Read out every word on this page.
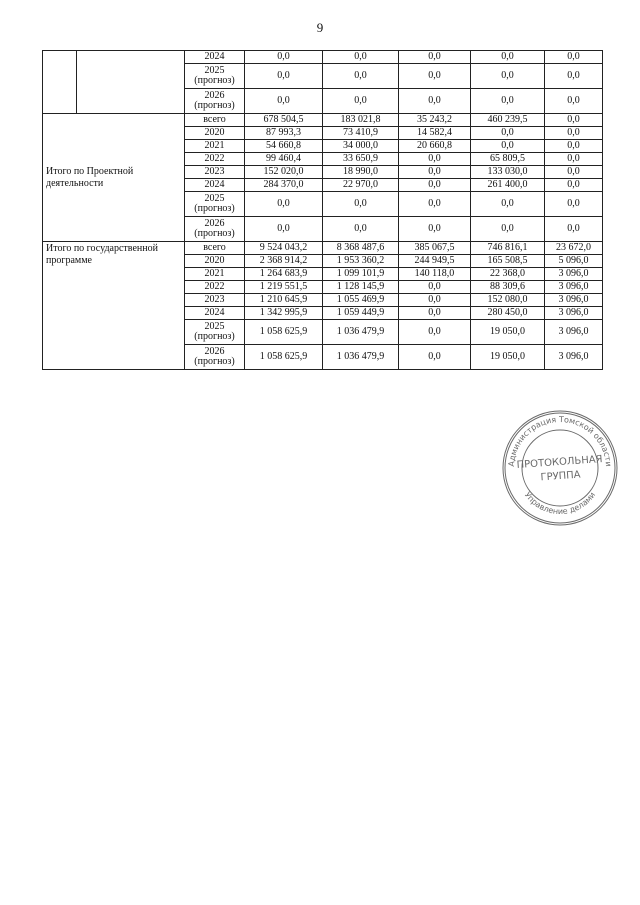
9

		2024	0,0	0,0	0,0	0,0	0,0

		2025
(прогноз)	0,0	0,0	0,0	0,0	0,0

		2026
(прогноз)	0,0	0,0	0,0	0,0	0,0
Итого по Проектной деятельности		всего	678 504,5	183 021,8	35 243,2	460 239,5	0,0

		2020	87 993,3	73 410,9	14 582,4	0,0	0,0

		2021	54 660,8	34 000,0	20 660,8	0,0	0,0

		2022	99 460,4	33 650,9	0,0	65 809,5	0,0

		2023	152 020,0	18 990,0	0,0	133 030,0	0,0

		2024	284 370,0	22 970,0	0,0	261 400,0	0,0

		2025
(прогноз)	0,0	0,0	0,0	0,0	0,0

		2026
(прогноз)	0,0	0,0	0,0	0,0	0,0
Итого по государственной программе		всего	9 524 043,2	8 368 487,6	385 067,5	746 816,1	23 672,0

		2020	2 368 914,2	1 953 360,2	244 949,5	165 508,5	5 096,0

		2021	1 264 683,9	1 099 101,9	140 118,0	22 368,0	3 096,0

		2022	1 219 551,5	1 128 145,9	0,0	88 309,6	3 096,0

		2023	1 210 645,9	1 055 469,9	0,0	152 080,0	3 096,0

		2024	1 342 995,9	1 059 449,9	0,0	280 450,0	3 096,0

		2025
(прогноз)	1 058 625,9	1 036 479,9	0,0	19 050,0	3 096,0

		2026
(прогноз)	1 058 625,9	1 036 479,9	0,0	19 050,0	3 096,0
Администрация Томской области
Управление делами
ПРОТОКОЛЬНАЯ
ГРУППА
